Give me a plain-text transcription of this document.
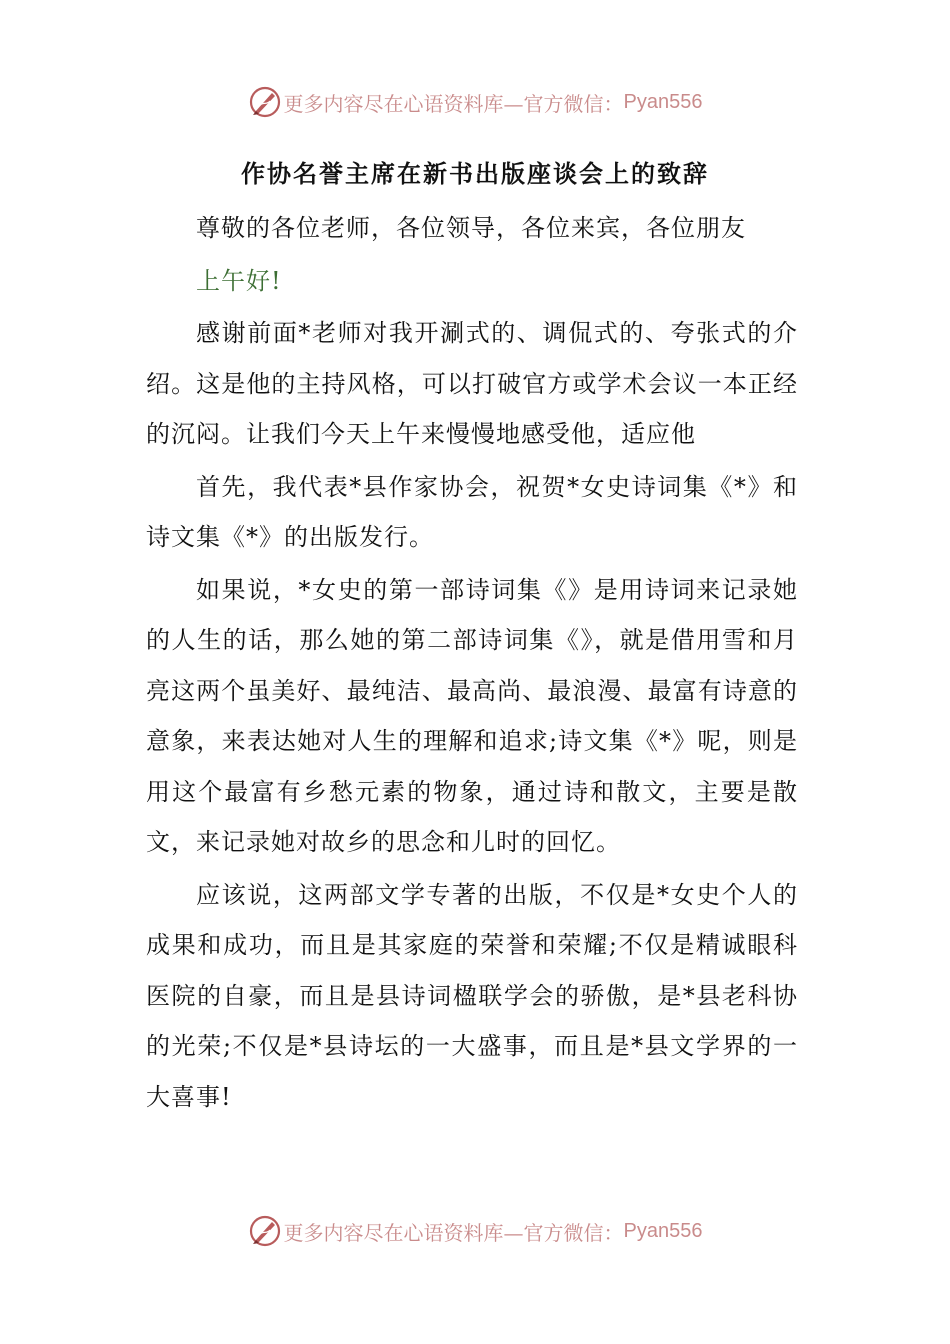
更多内容尽在心语资料库—官方微信： Pyan556
作协名誉主席在新书出版座谈会上的致辞

尊敬的各位老师，各位领导，各位来宾，各位朋友

上午好!

感谢前面*老师对我开涮式的、调侃式的、夸张式的介绍。这是他的主持风格，可以打破官方或学术会议一本正经的沉闷。让我们今天上午来慢慢地感受他，适应他

首先，我代表*县作家协会，祝贺*女史诗词集《*》和诗文集《*》的出版发行。

如果说，*女史的第一部诗词集《》是用诗词来记录她的人生的话，那么她的第二部诗词集《》，就是借用雪和月亮这两个虽美好、最纯洁、最高尚、最浪漫、最富有诗意的意象，来表达她对人生的理解和追求;诗文集《*》呢，则是用这个最富有乡愁元素的物象，通过诗和散文，主要是散文，来记录她对故乡的思念和儿时的回忆。

应该说，这两部文学专著的出版，不仅是*女史个人的成果和成功，而且是其家庭的荣誉和荣耀;不仅是精诚眼科医院的自豪，而且是县诗词楹联学会的骄傲，是*县老科协的光荣;不仅是*县诗坛的一大盛事，而且是*县文学界的一大喜事!

更多内容尽在心语资料库—官方微信： Pyan556
